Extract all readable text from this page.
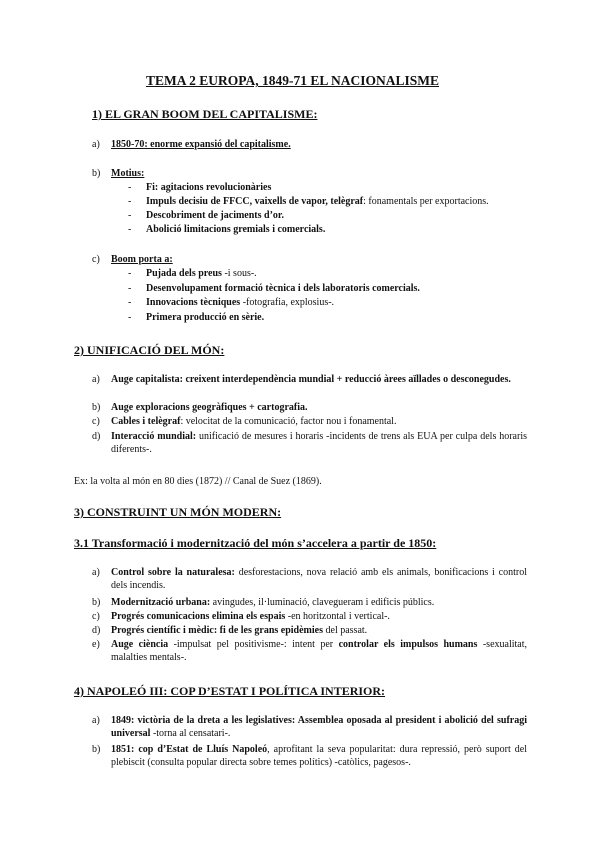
TEMA 2 EUROPA, 1849-71 EL NACIONALISME
1) EL GRAN BOOM DEL CAPITALISME:
a)	1850-70: enorme expansió del capitalisme.
b)	Motius:
- Fi: agitacions revolucionàries
- Impuls decisiu de FFCC, vaixells de vapor, telègraf: fonamentals per exportacions.
- Descobriment de jaciments d’or.
- Abolició limitacions gremials i comercials.
c)	Boom porta a:
- Pujada dels preus -i sous-.
- Desenvolupament formació tècnica i dels laboratoris comercials.
- Innovacions tècniques -fotografia, explosius-.
- Primera producció en sèrie.
2) UNIFICACIÓ DEL MÓN:
a)	Auge capitalista: creixent interdependència mundial + reducció àrees aïllades o desconegudes.
b)	Auge exploracions geogràfiques + cartografia.
c)	Cables i telègraf: velocitat de la comunicació, factor nou i fonamental.
d)	Interacció mundial: unificació de mesures i horaris -incidents de trens als EUA per culpa dels horaris diferents-.
Ex: la volta al món en 80 dies (1872) // Canal de Suez (1869).
3) CONSTRUINT UN MÓN MODERN:
3.1 Transformació i modernització del món s’accelera a partir de 1850:
a)	Control sobre la naturalesa: desforestacions, nova relació amb els animals, bonificacions i control dels incendis.
b)	Modernització urbana: avingudes, il·luminació, clavegueram i edificis públics.
c)	Progrés comunicacions elimina els espais -en horitzontal i vertical-.
d)	Progrés científic i mèdic: fi de les grans epidèmies del passat.
e)	Auge ciència -impulsat pel positivisme-: intent per controlar els impulsos humans -sexualitat, malalties mentals-.
4) NAPOLEÓ III: COP D’ESTAT I POLÍTICA INTERIOR:
a)	1849: victòria de la dreta a les legislatives: Assemblea oposada al president i abolició del sufragi universal -torna al censatari-.
b)	1851: cop d’Estat de Lluís Napoleó, aprofitant la seva popularitat: dura repressió, però suport del plebiscit (consulta popular directa sobre temes polítics) -catòlics, pagesos-.
